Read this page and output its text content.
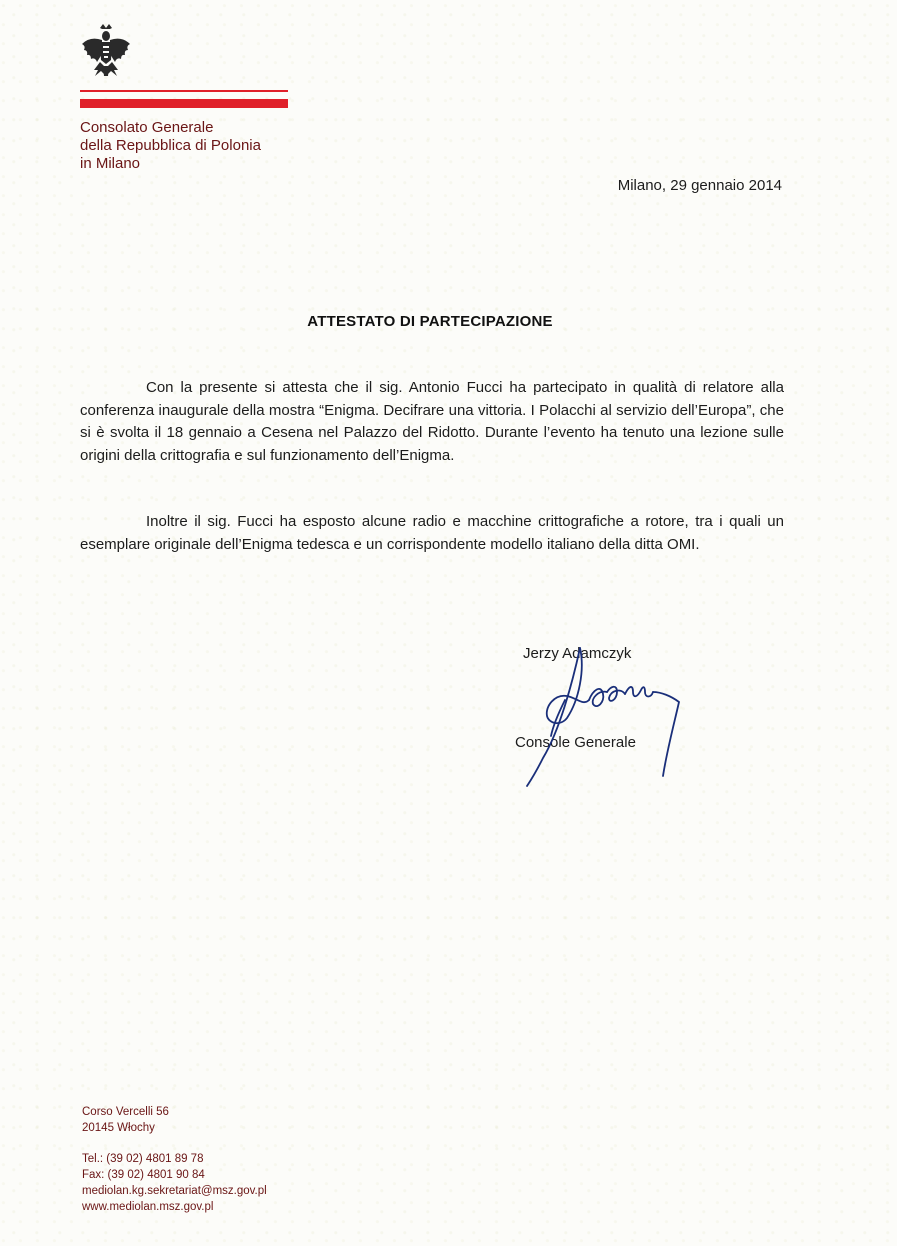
Consolato Generale
della Repubblica di Polonia
in Milano
Milano, 29 gennaio 2014
ATTESTATO DI PARTECIPAZIONE
Con la presente si attesta che il sig. Antonio Fucci ha partecipato in qualità di relatore alla conferenza inaugurale della mostra “Enigma. Decifrare una vittoria. I Polacchi al servizio dell’Europa”, che si è svolta il 18 gennaio a Cesena nel Palazzo del Ridotto. Durante l’evento ha tenuto una lezione sulle origini della crittografia e sul funzionamento dell’Enigma.
Inoltre il sig. Fucci ha esposto alcune radio e macchine crittografiche a rotore, tra i quali un esemplare originale dell’Enigma tedesca e un corrispondente modello italiano della ditta OMI.
Jerzy Adamczyk
Console Generale
Corso Vercelli 56
20145 Włochy
Tel.: (39 02) 4801 89 78
Fax: (39 02) 4801 90 84
mediolan.kg.sekretariat@msz.gov.pl
www.mediolan.msz.gov.pl
